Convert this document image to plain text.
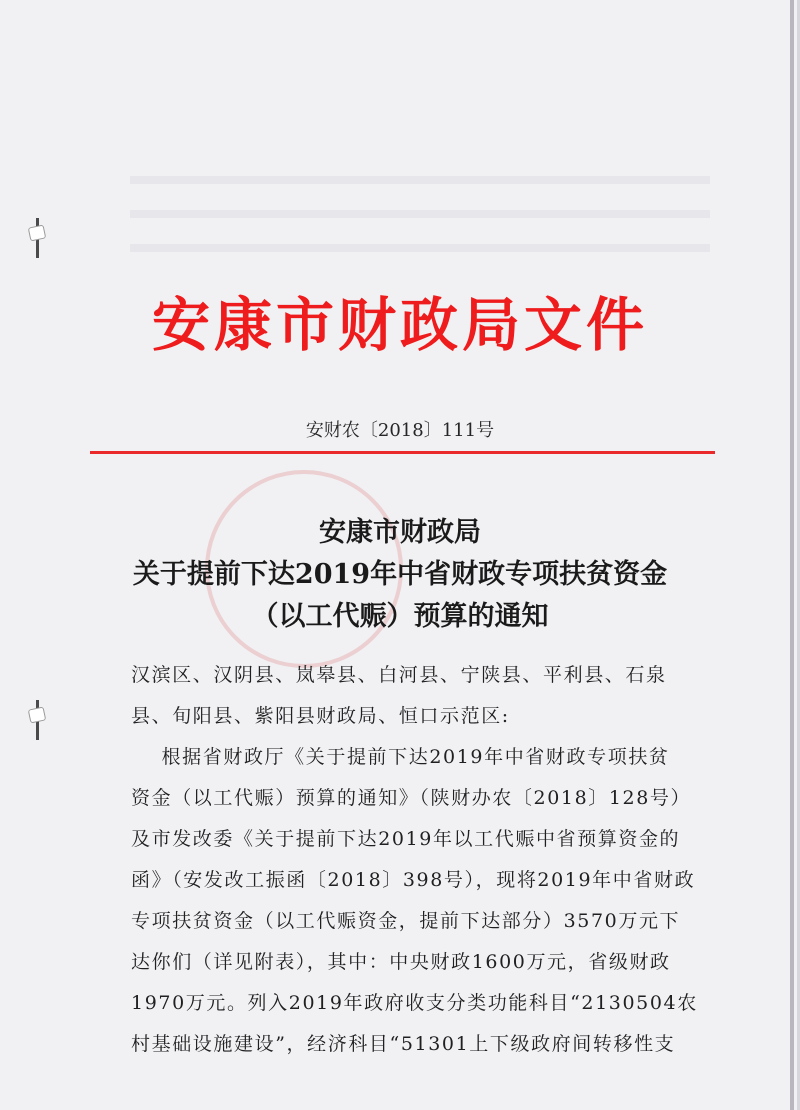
安康市财政局文件
安财农〔2018〕111号
安康市财政局
关于提前下达2019年中省财政专项扶贫资金
（以工代赈）预算的通知
汉滨区、汉阴县、岚皋县、白河县、宁陕县、平利县、石泉
县、旬阳县、紫阳县财政局、恒口示范区:
根据省财政厅《关于提前下达2019年中省财政专项扶贫
资金（以工代赈）预算的通知》（陕财办农〔2018〕128号）
及市发改委《关于提前下达2019年以工代赈中省预算资金的
函》（安发改工振函〔2018〕398号），现将2019年中省财政
专项扶贫资金（以工代赈资金，提前下达部分）3570万元下
达你们（详见附表），其中：中央财政1600万元，省级财政
1970万元。列入2019年政府收支分类功能科目“2130504农
村基础设施建设”，经济科目“51301上下级政府间转移性支
